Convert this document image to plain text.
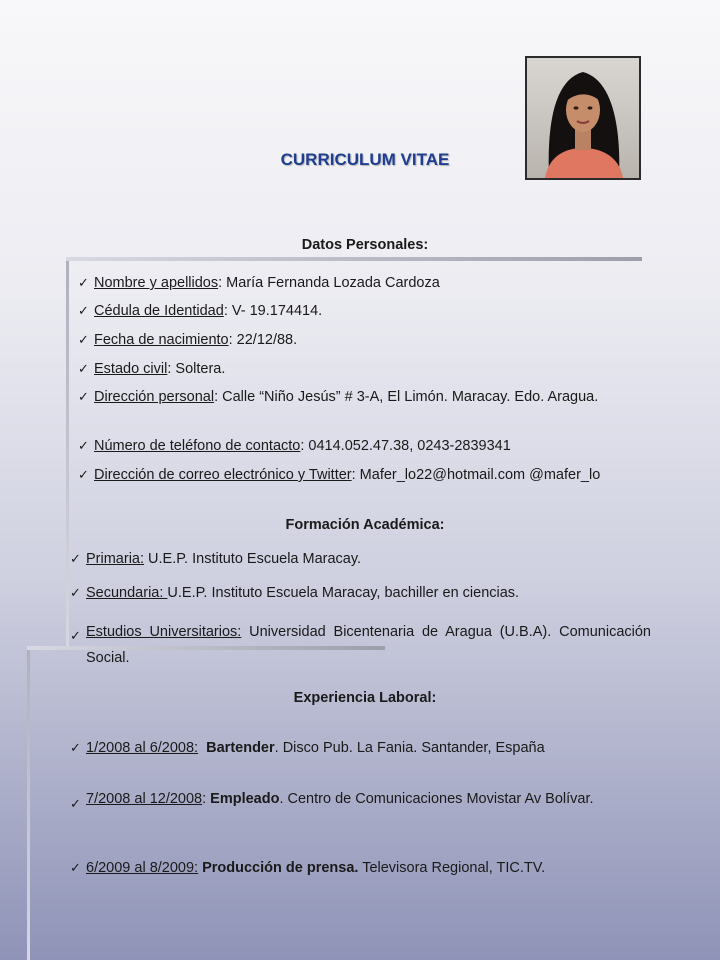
CURRICULUM VITAE
Datos Personales:
✓ Nombre y apellidos: María Fernanda Lozada Cardoza
✓ Cédula de Identidad: V- 19.174414.
✓ Fecha de nacimiento: 22/12/88.
✓ Estado civil: Soltera.
✓ Dirección personal: Calle “Niño Jesús” # 3-A, El Limón. Maracay. Edo. Aragua.
✓ Número de teléfono de contacto: 0414.052.47.38, 0243-2839341
✓ Dirección de correo electrónico y Twitter: Mafer_lo22@hotmail.com @mafer_lo
Formación Académica:
✓ Primaria: U.E.P. Instituto Escuela Maracay.
✓ Secundaria: U.E.P. Instituto Escuela Maracay, bachiller en ciencias.
✓ Estudios Universitarios: Universidad Bicentenaria de Aragua (U.B.A). Comunicación Social.
Experiencia Laboral:
✓ 1/2008 al 6/2008: Bartender. Disco Pub. La Fania. Santander, España
✓ 7/2008 al 12/2008: Empleado. Centro de Comunicaciones Movistar Av Bolívar.
✓ 6/2009 al 8/2009: Producción de prensa. Televisora Regional, TIC.TV.
